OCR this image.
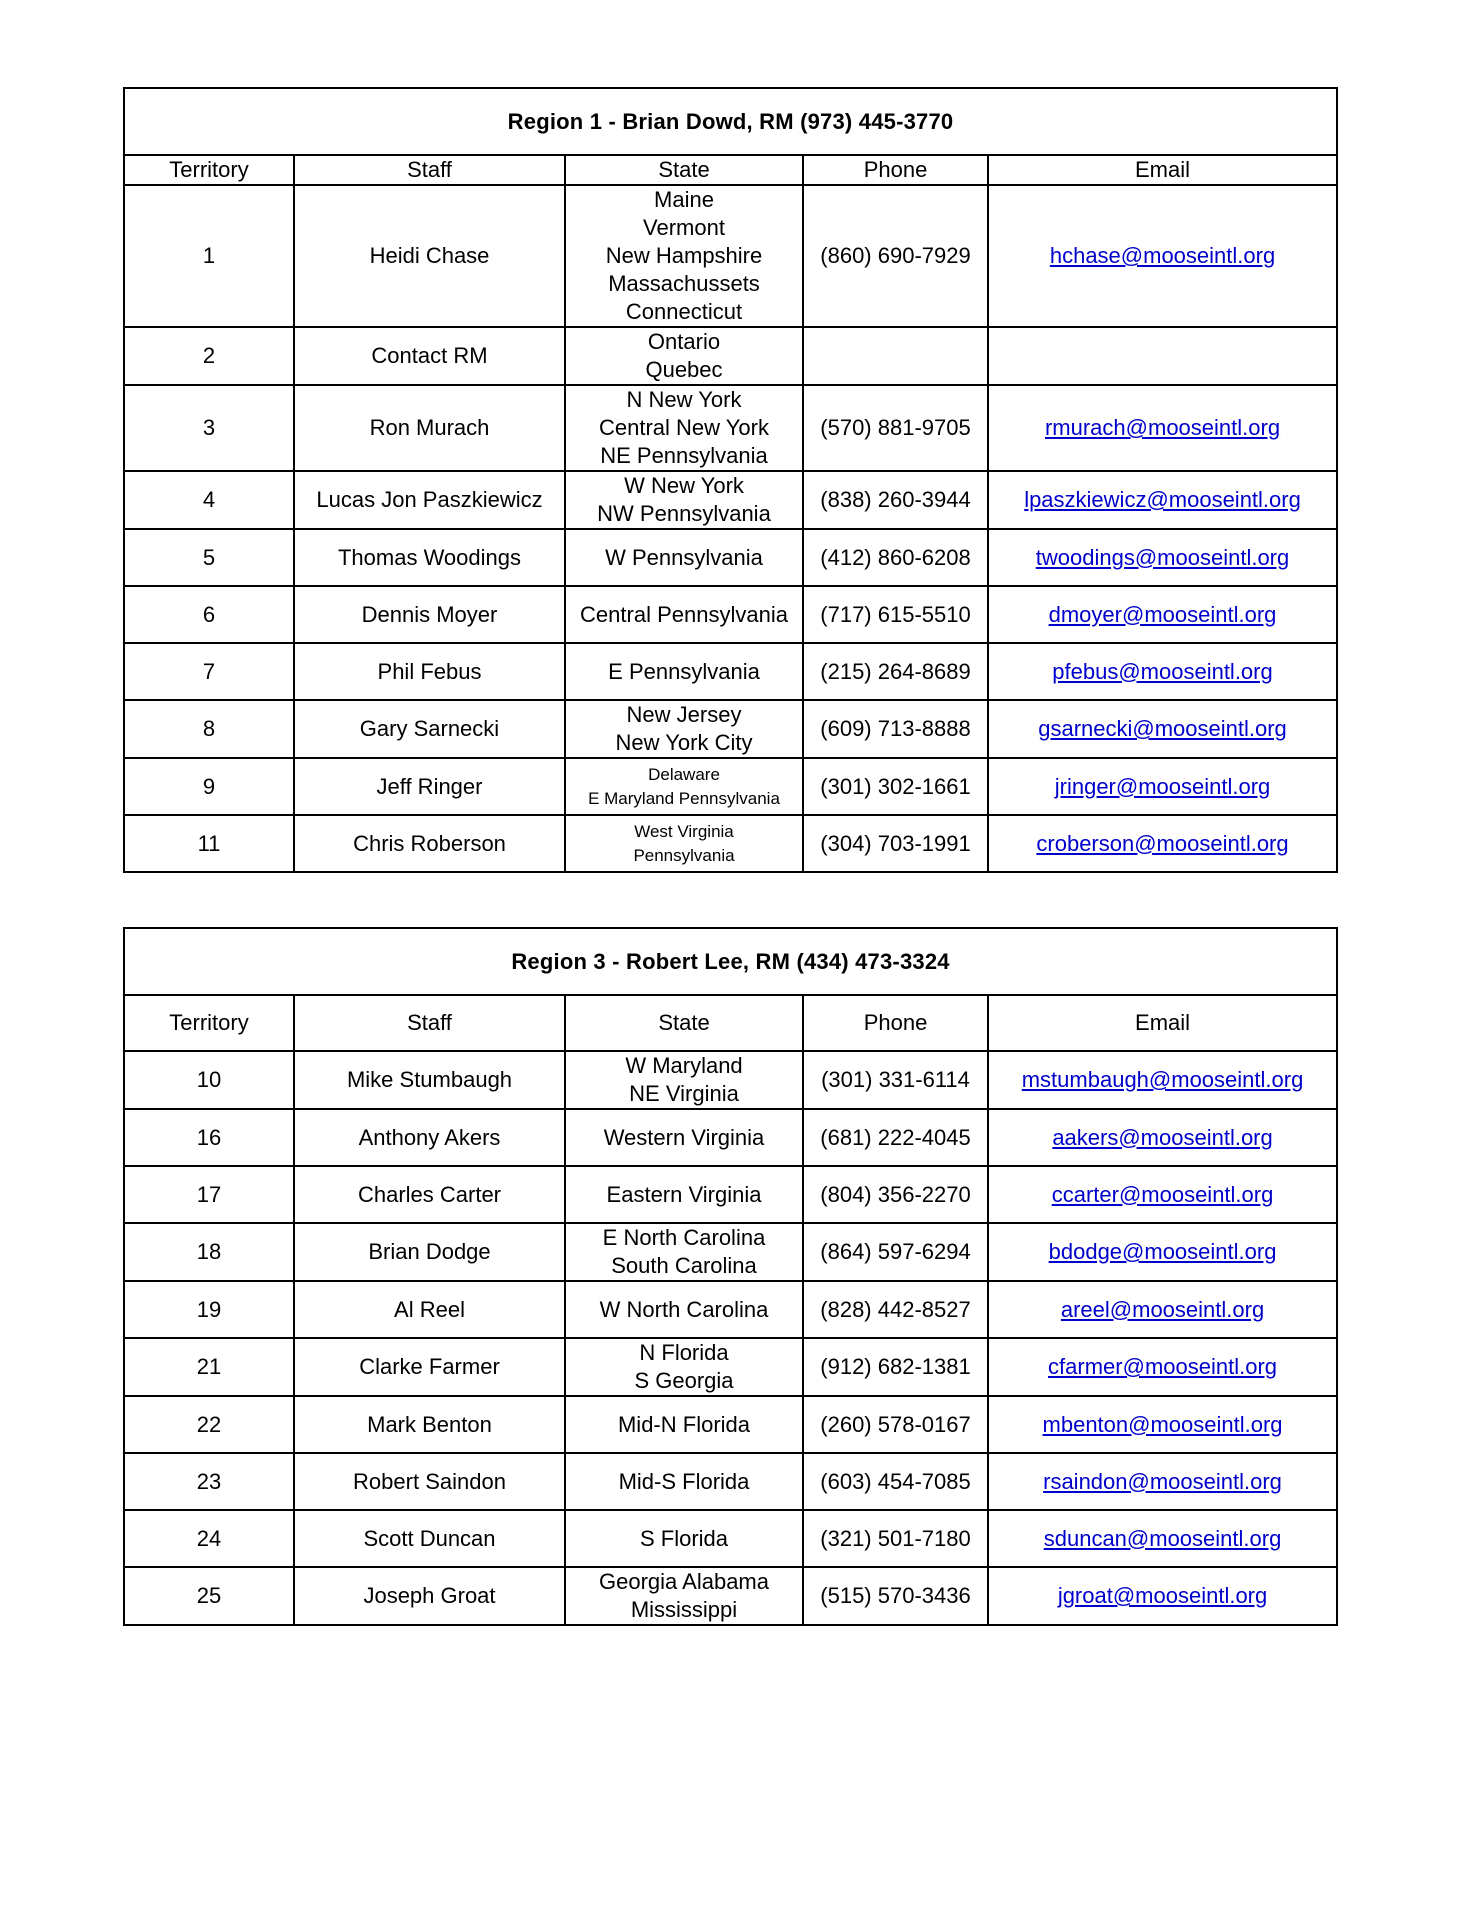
Region 1 - Brian Dowd, RM (973) 445-3770				
Territory	Staff	State	Phone	Email
1	Heidi Chase	Maine
Vermont
New Hampshire
Massachussets
Connecticut	(860) 690-7929	hchase@mooseintl.org
2	Contact RM	Ontario
Quebec		

3	Ron Murach	N New York
Central New York
NE Pennsylvania	(570) 881-9705	rmurach@mooseintl.org
4	Lucas Jon Paszkiewicz	W New York
NW Pennsylvania	(838) 260-3944	lpaszkiewicz@mooseintl.org
5	Thomas Woodings	W Pennsylvania	(412) 860-6208	twoodings@mooseintl.org
6	Dennis Moyer	Central Pennsylvania	(717) 615-5510	dmoyer@mooseintl.org
7	Phil Febus	E Pennsylvania	(215) 264-8689	pfebus@mooseintl.org
8	Gary Sarnecki	New Jersey
New York City	(609) 713-8888	gsarnecki@mooseintl.org
9	Jeff Ringer	Delaware
E Maryland Pennsylvania	(301) 302-1661	jringer@mooseintl.org
11	Chris Roberson	West Virginia
Pennsylvania	(304) 703-1991	croberson@mooseintl.org
Region 3 - Robert Lee, RM (434) 473-3324				
Territory	Staff	State	Phone	Email
10	Mike Stumbaugh	W Maryland
NE Virginia	(301) 331-6114	mstumbaugh@mooseintl.org
16	Anthony Akers	Western Virginia	(681) 222-4045	aakers@mooseintl.org
17	Charles Carter	Eastern Virginia	(804) 356-2270	ccarter@mooseintl.org
18	Brian Dodge	E North Carolina
South Carolina	(864) 597-6294	bdodge@mooseintl.org
19	Al Reel	W North Carolina	(828) 442-8527	areel@mooseintl.org
21	Clarke Farmer	N Florida
S Georgia	(912) 682-1381	cfarmer@mooseintl.org
22	Mark Benton	Mid-N Florida	(260) 578-0167	mbenton@mooseintl.org
23	Robert Saindon	Mid-S Florida	(603) 454-7085	rsaindon@mooseintl.org
24	Scott Duncan	S Florida	(321) 501-7180	sduncan@mooseintl.org
25	Joseph Groat	Georgia Alabama
Mississippi	(515) 570-3436	jgroat@mooseintl.org
